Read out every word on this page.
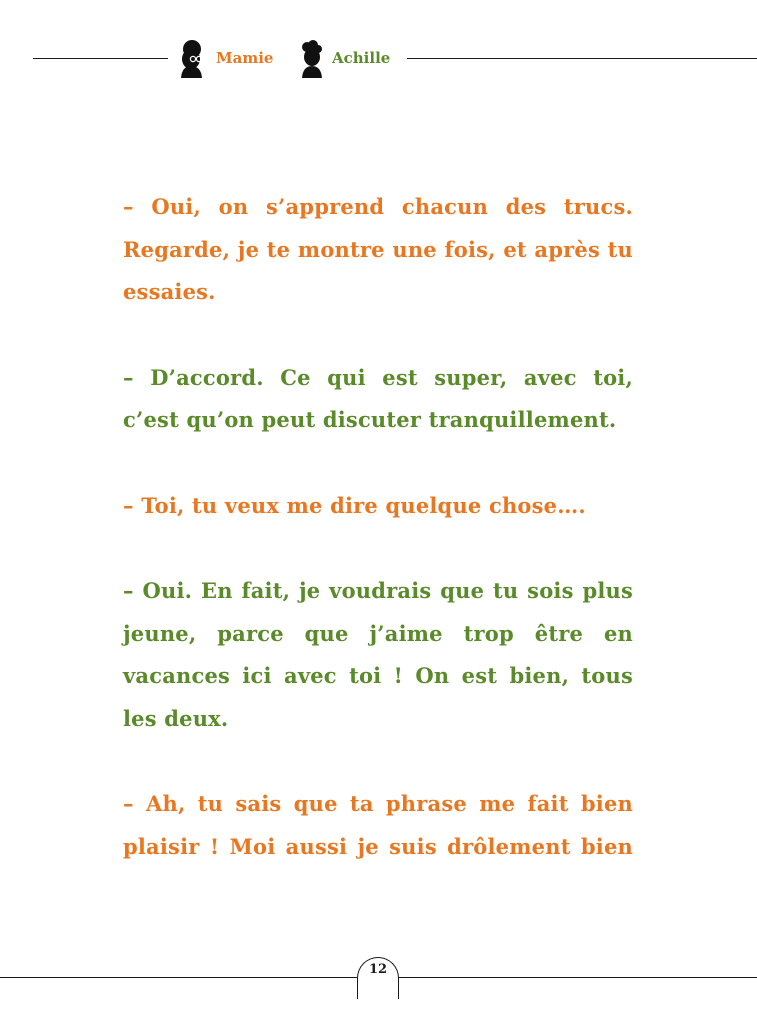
Mamie	Achille

– Oui, on s’apprend chacun des trucs. Regarde, je te montre une fois, et après tu essaies.

– D’accord. Ce qui est super, avec toi, c’est qu’on peut discuter tranquillement.

– Toi, tu veux me dire quelque chose….

– Oui. En fait, je voudrais que tu sois plus jeune, parce que j’aime trop être en vacances ici avec toi ! On est bien, tous les deux.

– Ah, tu sais que ta phrase me fait bien plaisir ! Moi aussi je suis drôlement bien

12
